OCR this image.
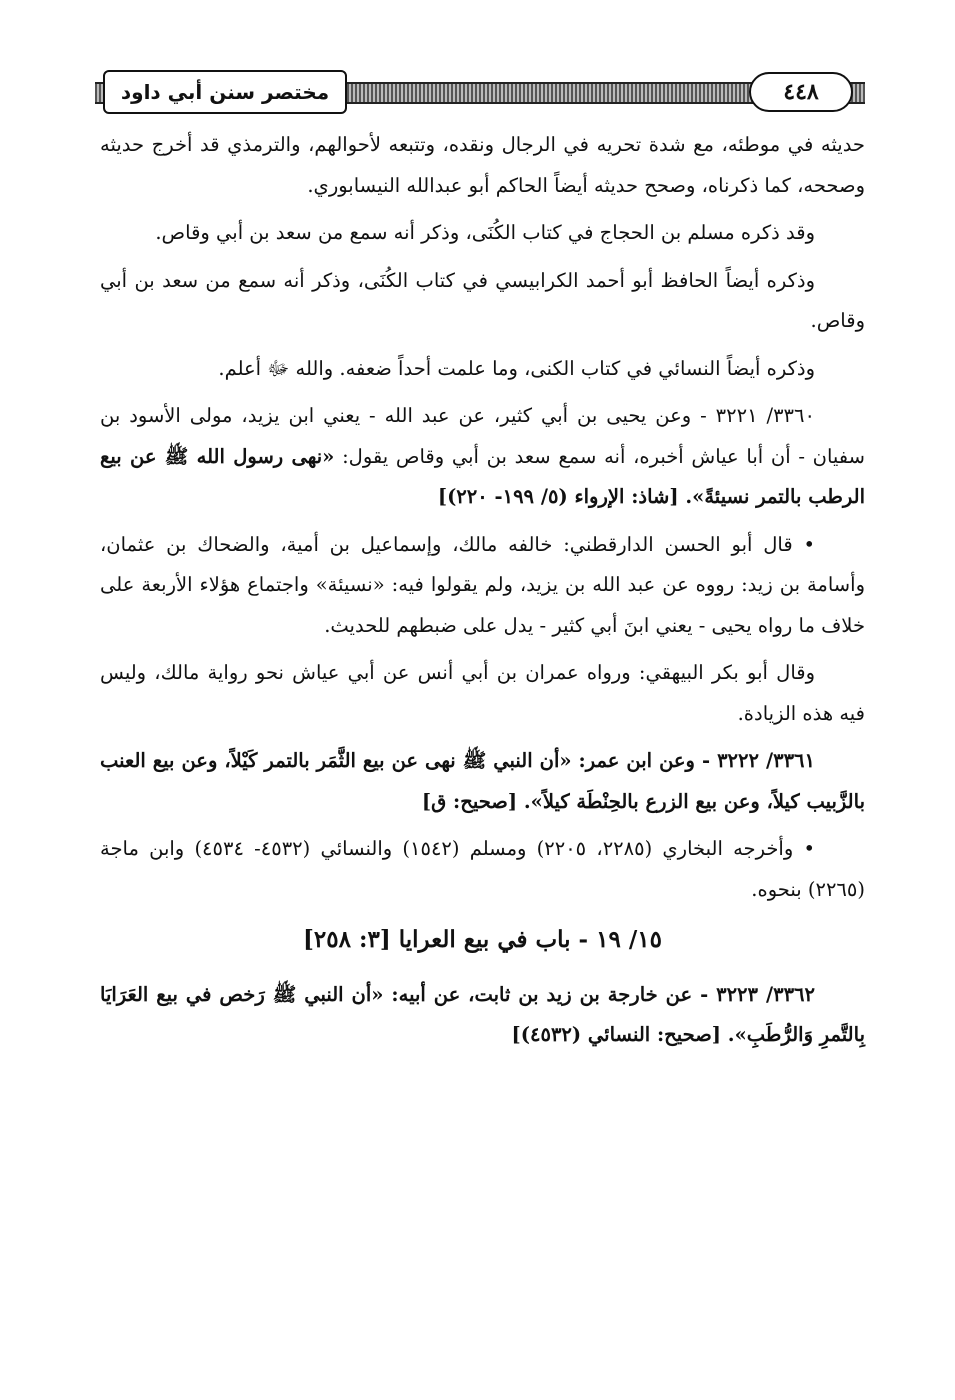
مختصر سنن أبي داود	٤٤٨

حديثه في موطئه، مع شدة تحريه في الرجال ونقده، وتتبعه لأحوالهم، والترمذي قد أخرج حديثه وصححه، كما ذكرناه، وصحح حديثه أيضاً الحاكم أبو عبدالله النيسابوري.

وقد ذكره مسلم بن الحجاج في كتاب الكُنَى، وذكر أنه سمع من سعد بن أبي وقاص.

وذكره أيضاً الحافظ أبو أحمد الكرابيسي في كتاب الكُنَى، وذكر أنه سمع من سعد بن أبي وقاص.

وذكره أيضاً النسائي في كتاب الكنى، وما علمت أحداً ضعفه. والله ﷻ أعلم.

٣٣٦٠/ ٣٢٢١ - وعن يحيى بن أبي كثير، عن عبد الله - يعني ابن يزيد، مولى الأسود بن سفيان - أن أبا عياش أخبره، أنه سمع سعد بن أبي وقاص يقول: «نهى رسول الله ﷺ عن بيع الرطب بالتمر نسيئةً». [شاذ: الإرواء (٥/ ١٩٩- ٢٢٠)]

• قال أبو الحسن الدارقطني: خالفه مالك، وإسماعيل بن أمية، والضحاك بن عثمان، وأسامة بن زيد: رووه عن عبد الله بن يزيد، ولم يقولوا فيه: «نسيئة» واجتماع هؤلاء الأربعة على خلاف ما رواه يحيى - يعني ابنَ أبي كثير - يدل على ضبطهم للحديث.

وقال أبو بكر البيهقي: ورواه عمران بن أبي أنس عن أبي عياش نحو رواية مالك، وليس فيه هذه الزيادة.

٣٣٦١/ ٣٢٢٢ - وعن ابن عمر: «أن النبي ﷺ نهى عن بيع الثَّمَر بالتمر كَيْلاً، وعن بيع العنب بالزَّبيب كيلاً، وعن بيع الزرع بالحِنْطَة كيلاً». [صحيح: ق]

• وأخرجه البخاري (٢٢٨٥، ٢٢٠٥) ومسلم (١٥٤٢) والنسائي (٤٥٣٢- ٤٥٣٤) وابن ماجة (٢٢٦٥) بنحوه.

١٥/ ١٩ - باب في بيع العرايا [٣: ٢٥٨]

٣٣٦٢/ ٣٢٢٣ - عن خارجة بن زيد بن ثابت، عن أبيه: «أن النبي ﷺ رَخص في بيع العَرَايَا بِالتَّمرِ وَالرُّطَبِ». [صحيح: النسائي (٤٥٣٢)]
